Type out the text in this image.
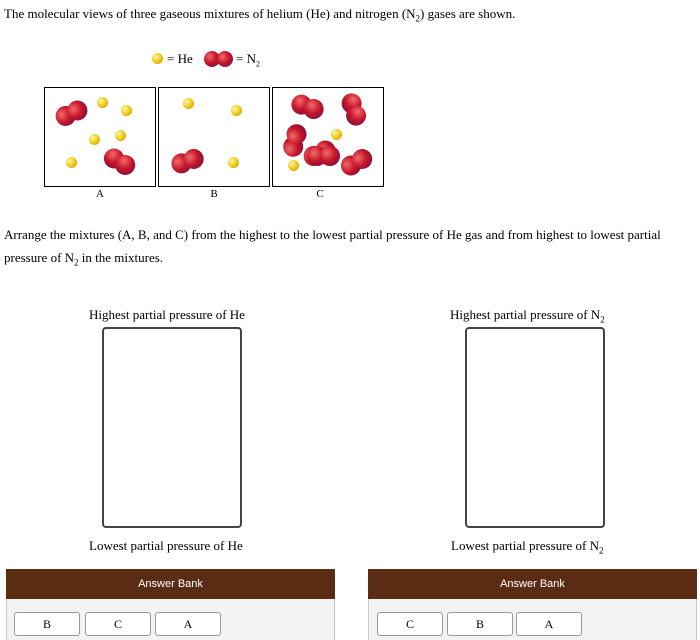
The molecular views of three gaseous mixtures of helium (He) and nitrogen $(N_2)$ gases are shown.
= He	= $N_2$
A	B	C
Arrange the mixtures (A, B, and C) from the highest to the lowest partial pressure of He gas and from highest to lowest partial
pressure of $N_2$ in the mixtures.
Highest partial pressure of He
Lowest partial pressure of He
Highest partial pressure of $N_2$
Lowest partial pressure of $N_2$
Answer Bank
B	C	A
Answer Bank
C	B	A
